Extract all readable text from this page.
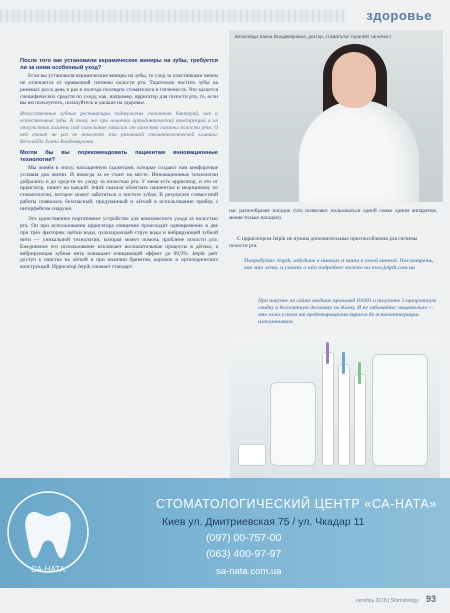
здоровье
После того как установили керамические виниры на зубы, требуется ли за ними особенный уход?
Если вы установили керамические виниры на зубы, то уход за пластинками ничем не отличается от привычной гигиены полости рта. Тщательно чистить зубы на режевых раз в день и раз в полгода посещать стоматолога и гигиениста. Что касается специфических средств по уходу, как, например, ирригатор для полости рта, то, если вы им пользуетесь, пользуйтесь и дальше на здоровье.
Искусственные зубные реставрации подвержены скоплению бактерий, как и естественные зубы. К тому же при ношении ортодонтических конструкций и их отсутствии гигиены под полоскание зависит от качества гигиены полости рта. О ней стоит не раз не поможет эти различной стоматологической клиники. Бесклейда Ханна Владимировна.
Могли бы вы порекомендовать пациентам инновационные технологии?
Мы живём в эпоху, насыщенную гаджетами, которые создают нам комфортные условия для жизни. И никогда за ее стоит на месте. Инновационные технологии добрались и до средств по уходу за полостью рта. У меня есть ирригатор, и это от ирригатор, пишет на каждой. Jetpik сказали облегчать пациентам и медициному по стоматологии, которое может заботиться о чистоте зубов. В результате совместной работы появилась безопасный, продуманный и лёгкий в использовании прибор с интерфейсом снаружи.
Это единственное портативное устройство для комплексного ухода за полостью рта. Он при использовании ирригатора очищение происходит одновременно в две при трёх факторов: щётки воды, пульсирующей струи воды и вибрирующей зубной нити — уникальной технологии, которая может помочь проблеме полости рта. Ежедневное его использование исключает воспалительные процессы в дёснах, а вибрирующая зубная нить повышает очищающий эффект до 99,9%. Jetpik даёт доступ к очистке на лёгкой и при наличии брекетов, коронок и ортопедических конструкций. Ирригатор Jetpik снимает стандарт.
Бесклейда Ханна Владимировна, доктор, стоматолог терапевт гигиенист
нас разнообразие насадок (что позволяет пользоваться одной семье одним аппаратом, меняя только насадки).
Попробуйте Jetpik, забудьте о нитках и нити в своей ванной. Посмотреть, как это легко, и узнать о нём подробнее можно на www.jetpik.com.ua
С ирригатором Jetpik не нужны дополнительные приспособления для гигиены полости рта.
При покупке на сайте введите промокод DS003 и получите 5-процентную скидку и бесплатную доставку по Киеву. И не забывайте: тщательно — это залог успеха от предотвращения кариеса до остеоинтеграции имплантатов.
СА-НАТА
СТОМАТОЛОГИЧЕСКИЙ ЦЕНТР «СА-НАТА»
Киев ул. Дмитриевская 75 / ул. Чкадар 11
(097) 00-757-00
(063) 400-97-97
sa-nata.com.ua
октябрь 2018 | Stomatology 93
